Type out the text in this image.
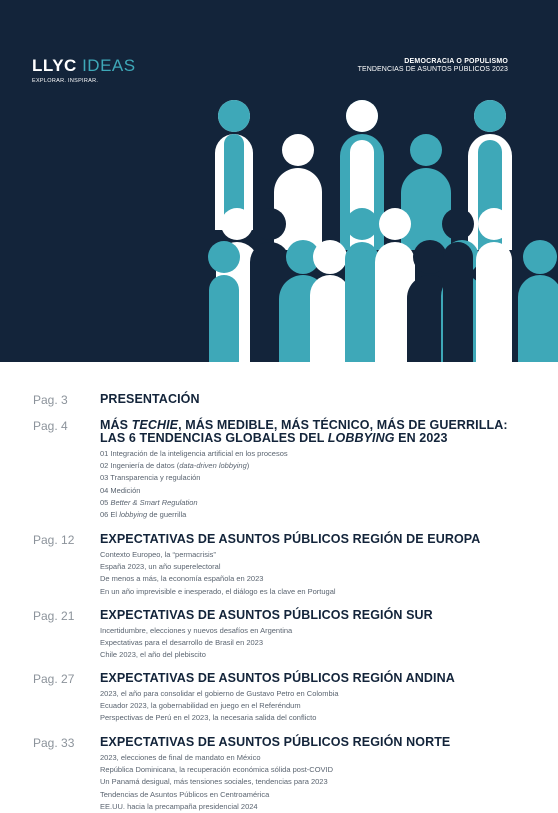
LLYC IDEAS
EXPLORAR. INSPIRAR.
DEMOCRACIA O POPULISMO
TENDENCIAS DE ASUNTOS PÚBLICOS 2023
Pag. 3	PRESENTACIÓN
Pag. 4	MÁS TECHIE, MÁS MEDIBLE, MÁS TÉCNICO, MÁS DE GUERRILLA:
LAS 6 TENDENCIAS GLOBALES DEL LOBBYING EN 2023
01 Integración de la inteligencia artificial en los procesos
02 Ingeniería de datos (data-driven lobbying)
03 Transparencia y regulación
04 Medición
05 Better & Smart Regulation
06 El lobbying de guerrilla
Pag. 12 EXPECTATIVAS DE ASUNTOS PÚBLICOS REGIÓN DE EUROPA
Contexto Europeo, la “permacrisis”
España 2023, un año superelectoral
De menos a más, la economía española en 2023
En un año imprevisible e inesperado, el diálogo es la clave en Portugal
Pag. 21 EXPECTATIVAS DE ASUNTOS PÚBLICOS REGIÓN SUR
Incertidumbre, elecciones y nuevos desafíos en Argentina
Expectativas para el desarrollo de Brasil en 2023
Chile 2023, el año del plebiscito
Pag. 27 EXPECTATIVAS DE ASUNTOS PÚBLICOS REGIÓN ANDINA
2023, el año para consolidar el gobierno de Gustavo Petro en Colombia
Ecuador 2023, la gobernabilidad en juego en el Referéndum
Perspectivas de Perú en el 2023, la necesaria salida del conflicto
Pag. 33 EXPECTATIVAS DE ASUNTOS PÚBLICOS REGIÓN NORTE
2023, elecciones de final de mandato en México
República Dominicana, la recuperación económica sólida post-COVID
Un Panamá desigual, más tensiones sociales, tendencias para 2023
Tendencias de Asuntos Públicos en Centroamérica
EE.UU. hacia la precampaña presidencial 2024
